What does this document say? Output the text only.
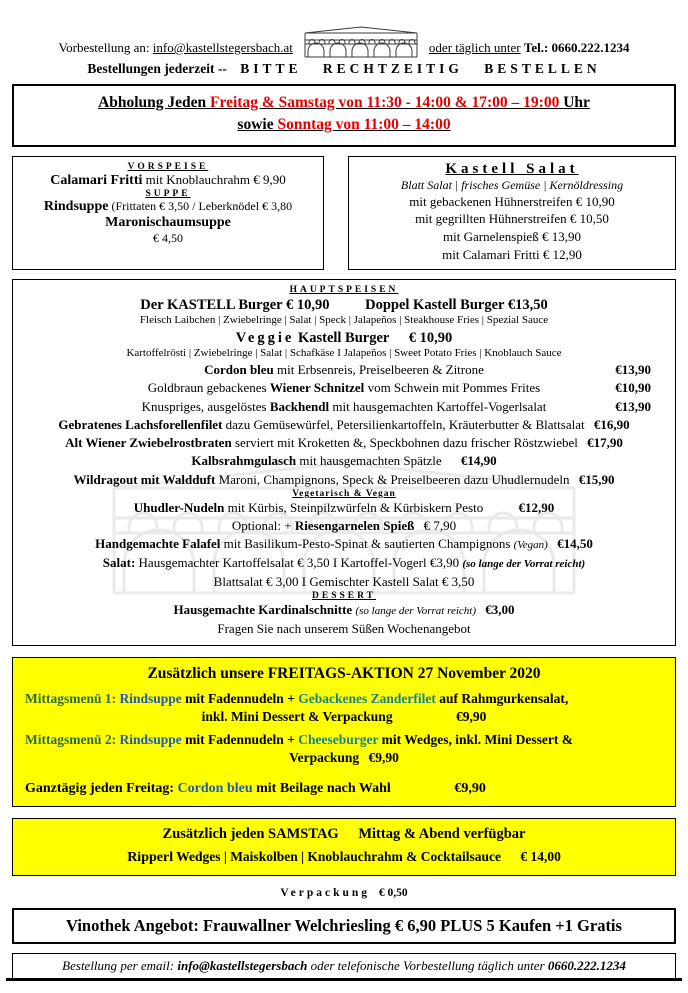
Vorbestellung an: info@kastellstegersbach.at	oder täglich unter Tel.: 0660.222.1234
Bestellungen jederzeit -- BITTE RECHTZEITIG BESTELLEN
Abholung Jeden Freitag & Samstag von 11:30 - 14:00 & 17:00 – 19:00 Uhr
sowie Sonntag von 11:00 – 14:00
VORSPEISE
Calamari Fritti mit Knoblauchrahm € 9,90
SUPPE
Rindsuppe (Frittaten € 3,50 / Leberknödel € 3,80
Maronischaumsuppe
€ 4,50
Kastell Salat
Blatt Salat | frisches Gemüse | Kernöldressing
mit gebackenen Hühnerstreifen € 10,90
mit gegrillten Hühnerstreifen € 10,50
mit Garnelenspieß € 13,90
mit Calamari Fritti € 12,90
HAUPTSPEISEN
Der KASTELL Burger € 10,90 Doppel Kastell Burger €13,50
Fleisch Laibchen | Zwiebelringe | Salat | Speck | Jalapeños | Steakhouse Fries | Spezial Sauce
Veggie Kastell Burger € 10,90
Kartoffelrösti | Zwiebelringe | Salat | Schafkäse I Jalapeños | Sweet Potato Fries | Knoblauch Sauce
Cordon bleu mit Erbsenreis, Preiselbeeren & Zitrone	€13,90
Goldbraun gebackenes Wiener Schnitzel vom Schwein mit Pommes Frites	€10,90
Knuspriges, ausgelöstes Backhendl mit hausgemachten Kartoffel-Vogerlsalat	€13,90
Gebratenes Lachsforellenfilet dazu Gemüsewürfel, Petersilienkartoffeln, Kräuterbutter & Blattsalat €16,90
Alt Wiener Zwiebelrostbraten serviert mit Kroketten &, Speckbohnen dazu frischer Röstzwiebel €17,90
Kalbsrahmgulasch mit hausgemachten Spätzle €14,90
Wildragout mit Waldduft Maroni, Champignons, Speck & Preiselbeeren dazu Uhudlernudeln €15,90
Vegetarisch & Vegan
Uhudler-Nudeln mit Kürbis, Steinpilzwürfeln & Kürbiskern Pesto	€12,90
Optional: + Riesengarnelen Spieß € 7,90
Handgemachte Falafel mit Basilikum-Pesto-Spinat & sautierten Champignons (Vegan) €14,50
Salat: Hausgemachter Kartoffelsalat € 3,50 I Kartoffel-Vogerl €3,90 (so lange der Vorrat reicht)
Blattsalat € 3,00 I Gemischter Kastell Salat € 3,50
DESSERT
Hausgemachte Kardinalschnitte (so lange der Vorrat reicht) €3,00
Fragen Sie nach unserem Süßen Wochenangebot
Zusätzlich unsere FREITAGS-AKTION 27 November 2020
Mittagsmenü 1: Rindsuppe mit Fadennudeln + Gebackenes Zanderfilet auf Rahmgurkensalat,
inkl. Mini Dessert & Verpackung	€9,90
Mittagsmenü 2: Rindsuppe mit Fadennudeln + Cheeseburger mit Wedges, inkl. Mini Dessert &
Verpackung €9,90
Ganztägig jeden Freitag: Cordon bleu mit Beilage nach Wahl	€9,90
Zusätzlich jeden SAMSTAG Mittag & Abend verfügbar
Ripperl Wedges | Maiskolben | Knoblauchrahm & Cocktailsauce € 14,00
Verpackung € 0,50
Vinothek Angebot: Frauwallner Welchriesling € 6,90 PLUS 5 Kaufen +1 Gratis
Bestellung per email: info@kastellstegersbach oder telefonische Vorbestellung täglich unter 0660.222.1234
